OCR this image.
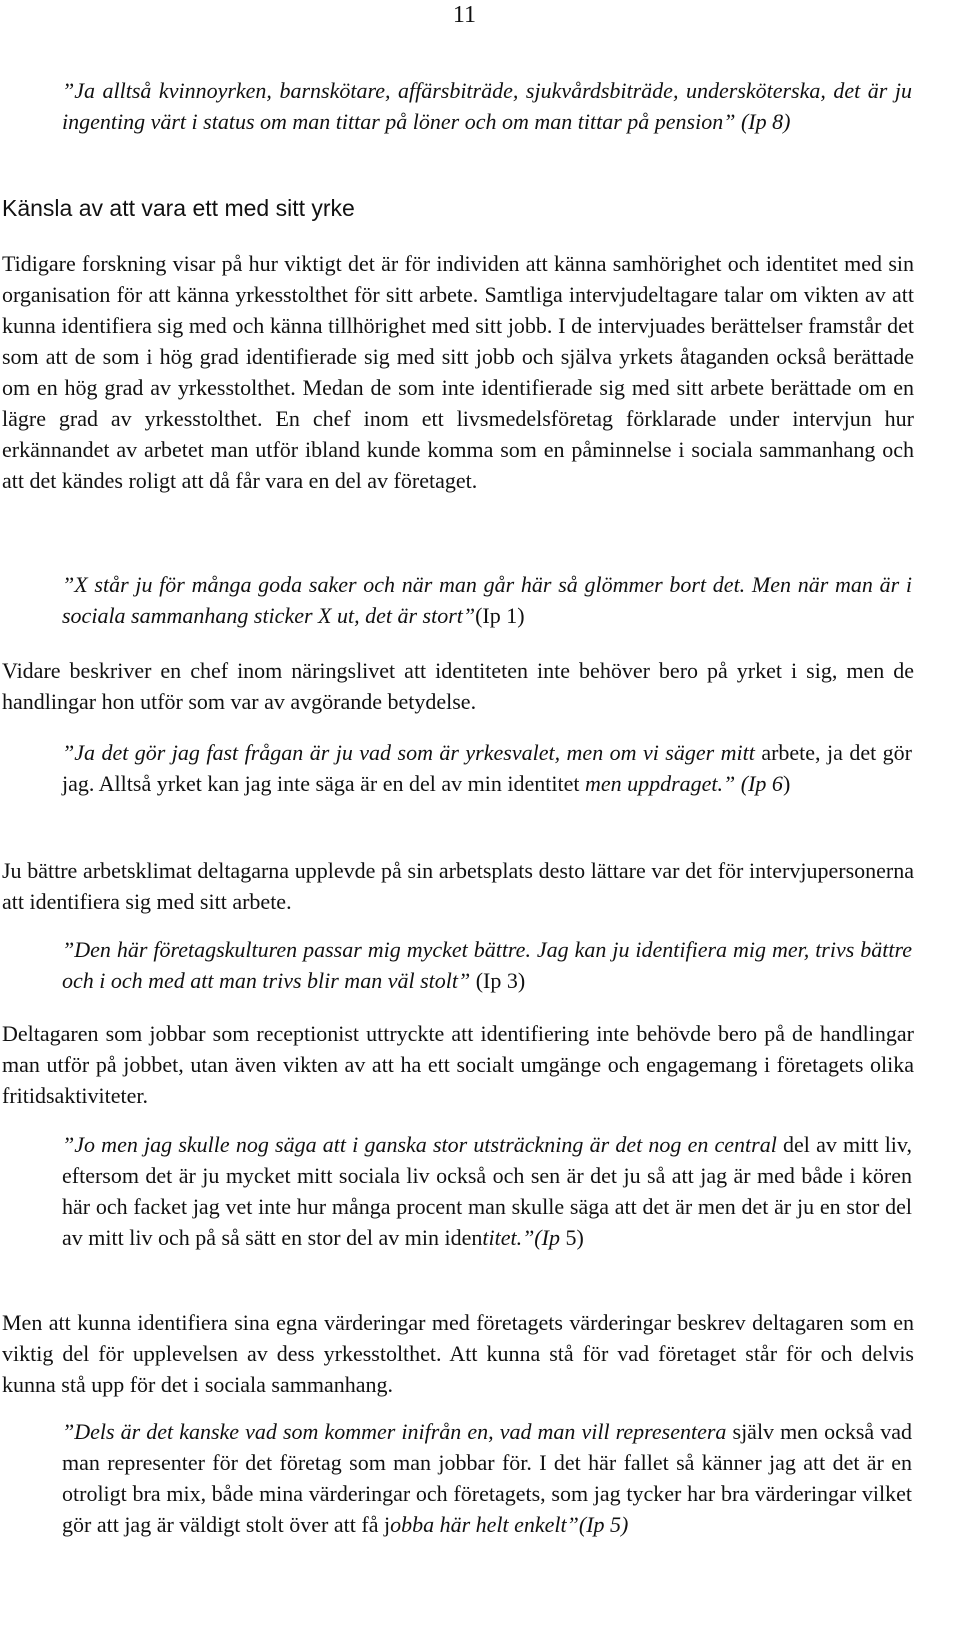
11

”Ja alltså kvinnoyrken, barnskötare, affärsbiträde, sjukvårdsbiträde, undersköterska, det är ju ingenting värt i status om man tittar på löner och om man tittar på pension” (Ip 8)

Känsla av att vara ett med sitt yrke

Tidigare forskning visar på hur viktigt det är för individen att känna samhörighet och identitet med sin organisation för att känna yrkesstolthet för sitt arbete. Samtliga intervjudeltagare talar om vikten av att kunna identifiera sig med och känna tillhörighet med sitt jobb. I de intervjuades berättelser framstår det som att de som i hög grad identifierade sig med sitt jobb och själva yrkets åtaganden också berättade om en hög grad av yrkesstolthet. Medan de som inte identifierade sig med sitt arbete berättade om en lägre grad av yrkesstolthet. En chef inom ett livsmedelsföretag förklarade under intervjun hur erkännandet av arbetet man utför ibland kunde komma som en påminnelse i sociala sammanhang och att det kändes roligt att då får vara en del av företaget.

”X står ju för många goda saker och när man går här så glömmer bort det. Men när man är i sociala sammanhang sticker X ut, det är stort”(Ip 1)

Vidare beskriver en chef inom näringslivet att identiteten inte behöver bero på yrket i sig, men de handlingar hon utför som var av avgörande betydelse.

”Ja det gör jag fast frågan är ju vad som är yrkesvalet, men om vi säger mitt arbete, ja det gör jag. Alltså yrket kan jag inte säga är en del av min identitet men uppdraget.” (Ip 6)

Ju bättre arbetsklimat deltagarna upplevde på sin arbetsplats desto lättare var det för intervjupersonerna att identifiera sig med sitt arbete.

”Den här företagskulturen passar mig mycket bättre. Jag kan ju identifiera mig mer, trivs bättre och i och med att man trivs blir man väl stolt” (Ip 3)

Deltagaren som jobbar som receptionist uttryckte att identifiering inte behövde bero på de handlingar man utför på jobbet, utan även vikten av att ha ett socialt umgänge och engagemang i företagets olika fritidsaktiviteter.

”Jo men jag skulle nog säga att i ganska stor utsträckning är det nog en central del av mitt liv, eftersom det är ju mycket mitt sociala liv också och sen är det ju så att jag är med både i kören här och facket jag vet inte hur många procent man skulle säga att det är men det är ju en stor del av mitt liv och på så sätt en stor del av min identitet.”(Ip 5)

Men att kunna identifiera sina egna värderingar med företagets värderingar beskrev deltagaren som en viktig del för upplevelsen av dess yrkesstolthet. Att kunna stå för vad företaget står för och delvis kunna stå upp för det i sociala sammanhang.

”Dels är det kanske vad som kommer inifrån en, vad man vill representera själv men också vad man representer för det företag som man jobbar för. I det här fallet så känner jag att det är en otroligt bra mix, både mina värderingar och företagets, som jag tycker har bra värderingar vilket gör att jag är väldigt stolt över att få jobba här helt enkelt”(Ip 5)
